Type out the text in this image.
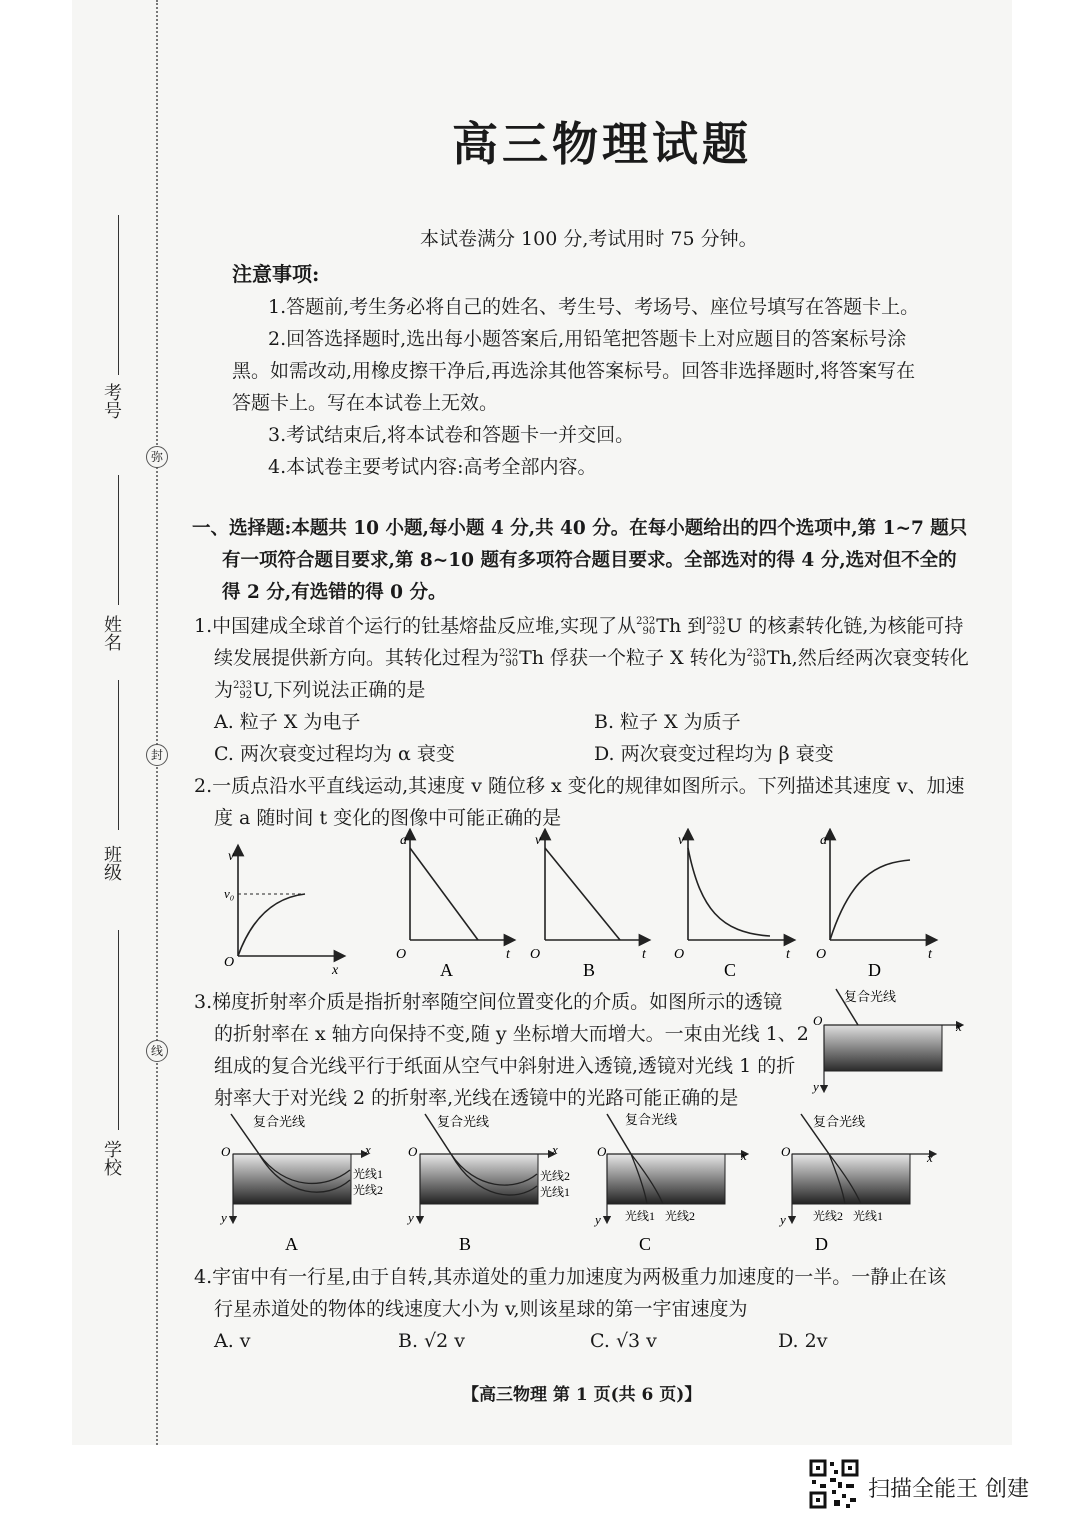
考号
姓名
班级
学校
弥
封
线
高三物理试题
本试卷满分 100 分,考试用时 75 分钟。
注意事项:
1.答题前,考生务必将自己的姓名、考生号、考场号、座位号填写在答题卡上。
2.回答选择题时,选出每小题答案后,用铅笔把答题卡上对应题目的答案标号涂
黑。如需改动,用橡皮擦干净后,再选涂其他答案标号。回答非选择题时,将答案写在
答题卡上。写在本试卷上无效。
3.考试结束后,将本试卷和答题卡一并交回。
4.本试卷主要考试内容:高考全部内容。
一、选择题:本题共 10 小题,每小题 4 分,共 40 分。在每小题给出的四个选项中,第 1~7 题只
有一项符合题目要求,第 8~10 题有多项符合题目要求。全部选对的得 4 分,选对但不全的
得 2 分,有选错的得 0 分。
1.中国建成全球首个运行的钍基熔盐反应堆,实现了从232
90Th 到233
92U 的核素转化链,为核能可持
续发展提供新方向。其转化过程为232
90Th 俘获一个粒子 X 转化为233
90Th,然后经两次衰变转化
为233
92U,下列说法正确的是
A. 粒子 X 为电子	B. 粒子 X 为质子
C. 两次衰变过程均为 α 衰变	D. 两次衰变过程均为 β 衰变
2.一质点沿水平直线运动,其速度 v 随位移 x 变化的规律如图所示。下列描述其速度 v、加速
度 a 随时间 t 变化的图像中可能正确的是
v
v₀
O
x
a
O	t
A
v
O	t
B
v
O	t
C
a
O	t
D
3.梯度折射率介质是指折射率随空间位置变化的介质。如图所示的透镜
的折射率在 x 轴方向保持不变,随 y 坐标增大而增大。一束由光线 1、2
组成的复合光线平行于纸面从空气中斜射进入透镜,透镜对光线 1 的折
射率大于对光线 2 的折射率,光线在透镜中的光路可能正确的是
复合光线
O	x
y
复合光线
O	x
y
光线1
光线2
A
复合光线
O	x
y
光线2
光线1
B
复合光线
O	x
y 光线1 光线2
C
复合光线
O	x
y 光线2 光线1
D
4.宇宙中有一行星,由于自转,其赤道处的重力加速度为两极重力加速度的一半。一静止在该
行星赤道处的物体的线速度大小为 v,则该星球的第一宇宙速度为
A. v	B. √2 v	C. √3 v	D. 2v
【高三物理 第 1 页(共 6 页)】
扫描全能王 创建
